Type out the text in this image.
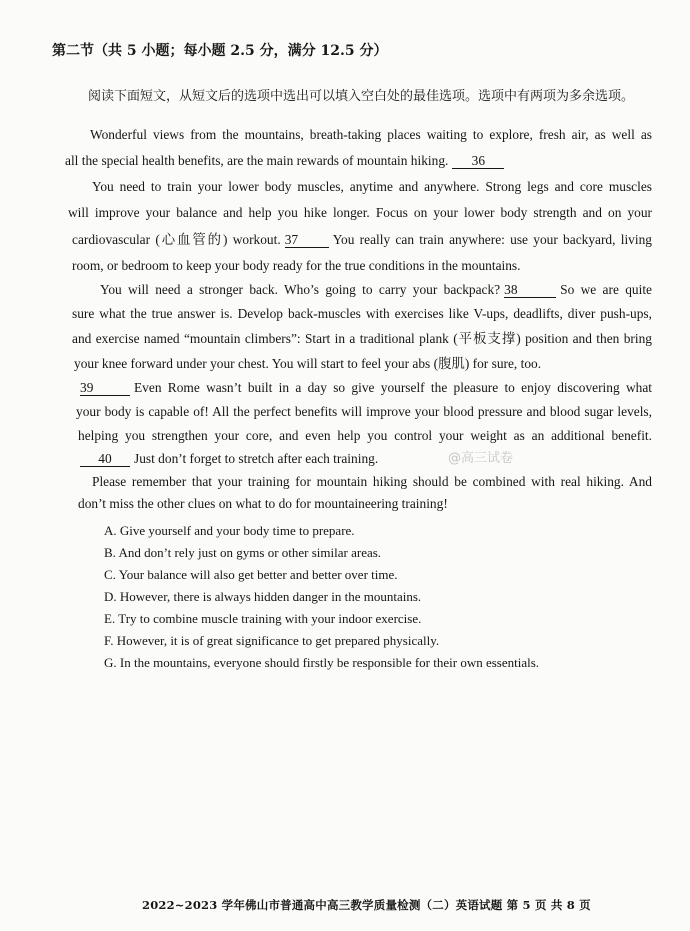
第二节（共 5 小题；每小题 2.5 分，满分 12.5 分）
阅读下面短文，从短文后的选项中选出可以填入空白处的最佳选项。选项中有两项为多余选项。
Wonderful views from the mountains, breath-taking places waiting to explore, fresh air, as well as
all the special health benefits, are the main rewards of mountain hiking. 36
You need to train your lower body muscles, anytime and anywhere. Strong legs and core muscles
will improve your balance and help you hike longer. Focus on your lower body strength and on your
cardiovascular (心血管的) workout. 37	You really can train anywhere: use your backyard, living
room, or bedroom to keep your body ready for the true conditions in the mountains.
You will need a stronger back. Who’s going to carry your backpack? 38	So we are quite
sure what the true answer is. Develop back-muscles with exercises like V-ups, deadlifts, diver push-ups,
and exercise named “mountain climbers”: Start in a traditional plank (平板支撑) position and then bring
your knee forward under your chest. You will start to feel your abs (腹肌) for sure, too.
39	Even Rome wasn’t built in a day so give yourself the pleasure to enjoy discovering what
your body is capable of! All the perfect benefits will improve your blood pressure and blood sugar levels,
helping you strengthen your core, and even help you control your weight as an additional benefit.
40 Just don’t forget to stretch after each training.
Please remember that your training for mountain hiking should be combined with real hiking. And
don’t miss the other clues on what to do for mountaineering training!
A. Give yourself and your body time to prepare.
B. And don’t rely just on gyms or other similar areas.
C. Your balance will also get better and better over time.
D. However, there is always hidden danger in the mountains.
E. Try to combine muscle training with your indoor exercise.
F. However, it is of great significance to get prepared physically.
G. In the mountains, everyone should firstly be responsible for their own essentials.
@高三试卷
2022~2023 学年佛山市普通高中高三教学质量检测（二）英语试题 第 5 页 共 8 页
